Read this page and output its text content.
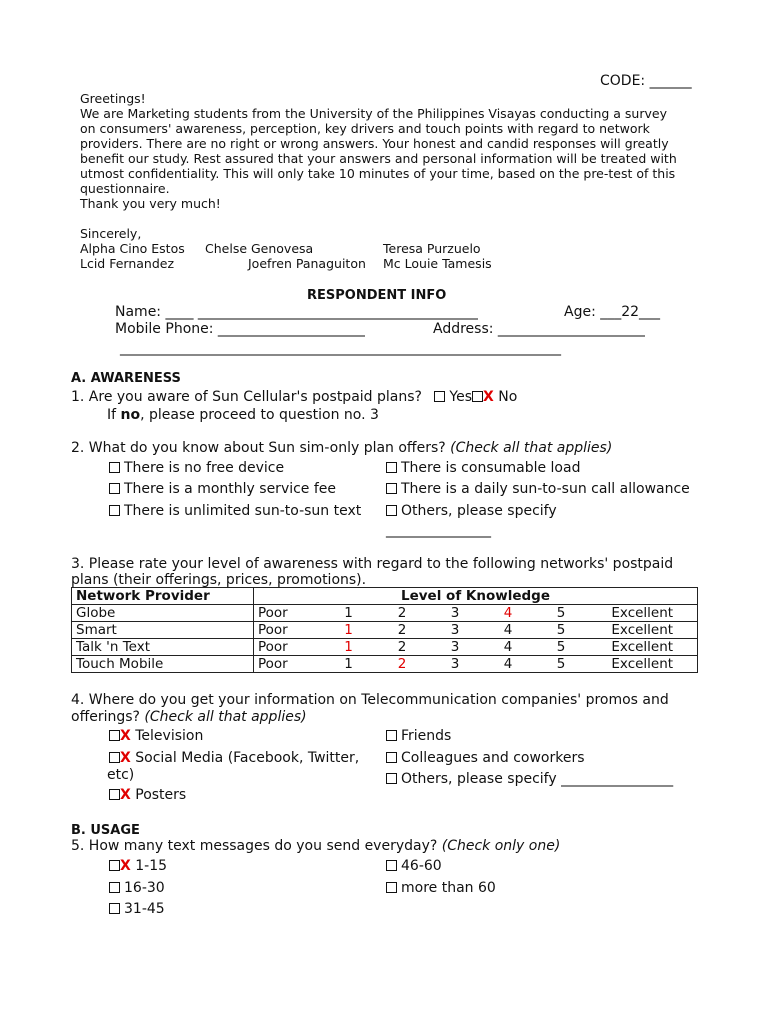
CODE: ______
Greetings!
We are Marketing students from the University of the Philippines Visayas conducting a survey
on consumers' awareness, perception, key drivers and touch points with regard to network
providers. There are no right or wrong answers. Your honest and candid responses will greatly
benefit our study. Rest assured that your answers and personal information will be treated with
utmost confidentiality. This will only take 10 minutes of your time, based on the pre-test of this
questionnaire.
Thank you very much!
Sincerely,
Alpha Cino Estos Chelse Genovesa	Teresa Purzuelo
Lcid Fernandez	Joefren Panaguiton Mc Louie Tamesis
RESPONDENT INFO
Name: ____ ________________________________________	Age: ___22___
Mobile Phone: _____________________	Address: _____________________
_______________________________________________________________
A. AWARENESS
1. Are you aware of Sun Cellular's postpaid plans? Yes X No
If no, please proceed to question no. 3
2. What do you know about Sun sim-only plan offers? (Check all that applies)
There is no free device	There is consumable load
There is a monthly service fee	There is a daily sun-to-sun call allowance
There is unlimited sun-to-sun text	Others, please specify
_______________
3. Please rate your level of awareness with regard to the following networks' postpaid
plans (their offerings, prices, promotions).
Network Provider	Level of Knowledge						
Globe	Poor	1	2	3	4	5	Excellent
Smart	Poor	1	2	3	4	5	Excellent
Talk 'n Text	Poor	1	2	3	4	5	Excellent
Touch Mobile	Poor	1	2	3	4	5	Excellent
4. Where do you get your information on Telecommunication companies' promos and
offerings? (Check all that applies)
X Television	Friends
X Social Media (Facebook, Twitter,
etc)
Colleagues and coworkers
Others, please specify ________________
X Posters
B. USAGE
5. How many text messages do you send everyday? (Check only one)
X 1-15	46-60
16-30	more than 60
31-45
